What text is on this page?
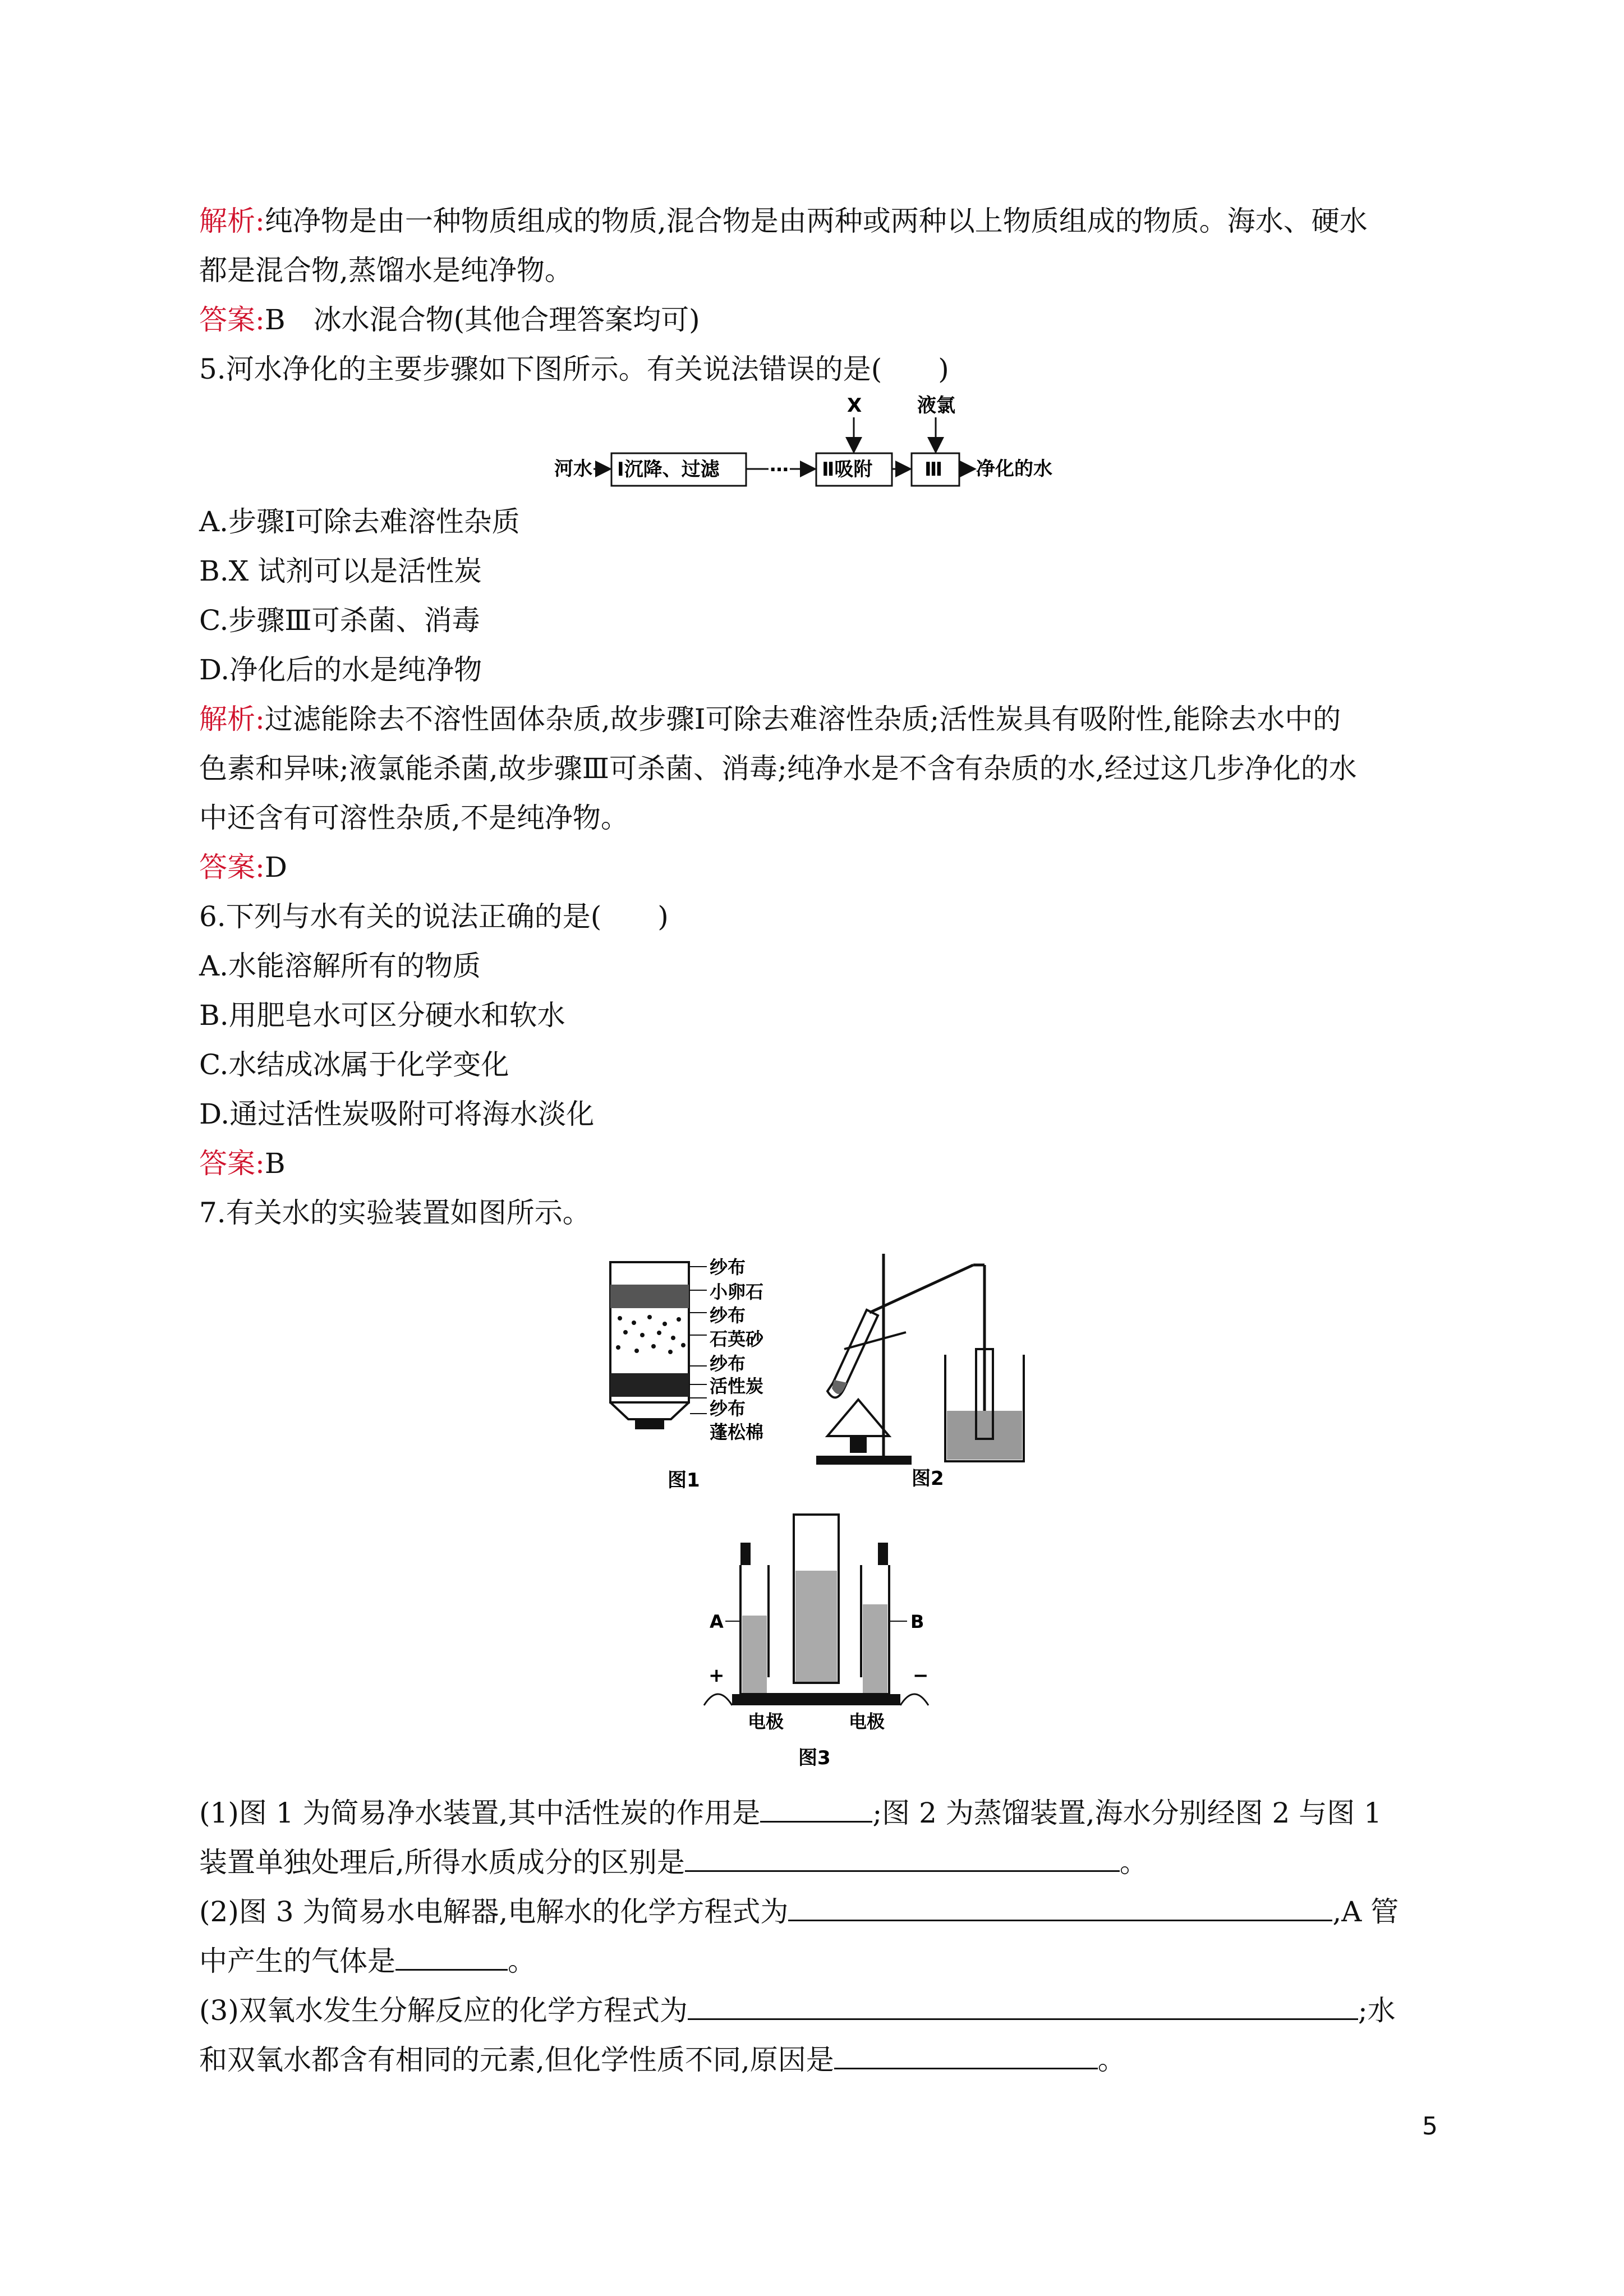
解析:纯净物是由一种物质组成的物质,混合物是由两种或两种以上物质组成的物质。海水、硬水
都是混合物,蒸馏水是纯净物。
答案:B　冰水混合物(其他合理答案均可)
5.河水净化的主要步骤如下图所示。有关说法错误的是(　　)
河水 Ⅰ沉降、过滤	… Ⅱ吸附	Ⅲ 净化的水
X	液氯
A.步骤Ⅰ可除去难溶性杂质
B.X 试剂可以是活性炭
C.步骤Ⅲ可杀菌、消毒
D.净化后的水是纯净物
解析:过滤能除去不溶性固体杂质,故步骤Ⅰ可除去难溶性杂质;活性炭具有吸附性,能除去水中的
色素和异味;液氯能杀菌,故步骤Ⅲ可杀菌、消毒;纯净水是不含有杂质的水,经过这几步净化的水
中还含有可溶性杂质,不是纯净物。
答案:D
6.下列与水有关的说法正确的是(　　)
A.水能溶解所有的物质
B.用肥皂水可区分硬水和软水
C.水结成冰属于化学变化
D.通过活性炭吸附可将海水淡化
答案:B
7.有关水的实验装置如图所示。
纱布
小卵石
纱布
石英砂
纱布
活性炭
纱布
蓬松棉
图1	图2
A	B
+	−
电极	电极
图3
(1)图 1 为简易净水装置,其中活性炭的作用是	;图 2 为蒸馏装置,海水分别经图 2 与图 1
装置单独处理后,所得水质成分的区别是	。
(2)图 3 为简易水电解器,电解水的化学方程式为	,A 管
中产生的气体是	。
(3)双氧水发生分解反应的化学方程式为	;水
和双氧水都含有相同的元素,但化学性质不同,原因是	。
5
